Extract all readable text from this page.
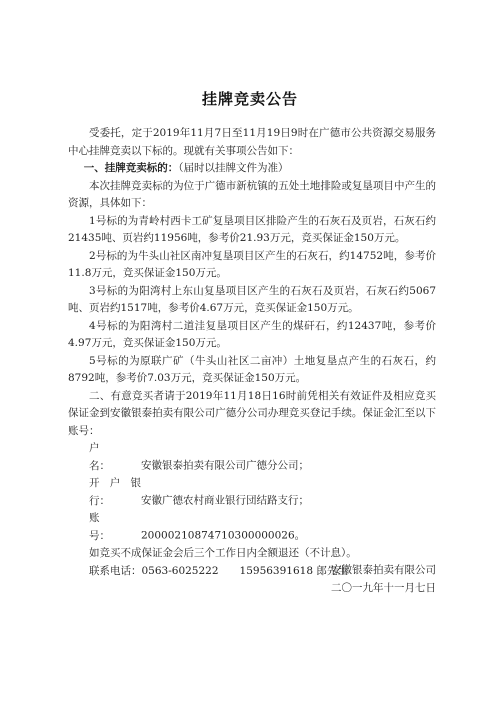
挂牌竞卖公告

受委托，定于2019年11月7日至11月19日9时在广德市公共资源交易服务中心挂牌竞卖以下标的。现就有关事项公告如下：

一、挂牌竞卖标的：（届时以挂牌文件为准）

本次挂牌竞卖标的为位于广德市新杭镇的五处土地排险或复垦项目中产生的资源，具体如下：

1号标的为青岭村西卡工矿复垦项目区排险产生的石灰石及页岩，石灰石约21435吨、页岩约11956吨，参考价21.93万元，竞买保证金150万元。

2号标的为牛头山社区南冲复垦项目区产生的石灰石，约14752吨，参考价11.8万元，竞买保证金150万元。

3号标的为阳湾村上东山复垦项目区产生的石灰石及页岩，石灰石约5067吨、页岩约1517吨，参考价4.67万元，竞买保证金150万元。

4号标的为阳湾村二道洼复垦项目区产生的煤矸石，约12437吨，参考价4.97万元，竞买保证金150万元。

5号标的为原联广矿（牛头山社区二亩冲）土地复垦点产生的石灰石，约8792吨，参考价7.03万元，竞买保证金150万元。

二、有意竞买者请于2019年11月18日16时前凭相关有效证件及相应竞买保证金到安徽银泰拍卖有限公司广德分公司办理竞买登记手续。保证金汇至以下账号：

户　　名：	安徽银泰拍卖有限公司广德分公司；
开户银行：	安徽广德农村商业银行団结路支行；
账　　号：	20000210874710300000026。

如竞买不成保证金会后三个工作日内全额退还（不计息）。

联系电话：0563-6025222　　15956391618 郎先生

安徽银泰拍卖有限公司
二〇一九年十一月七日
